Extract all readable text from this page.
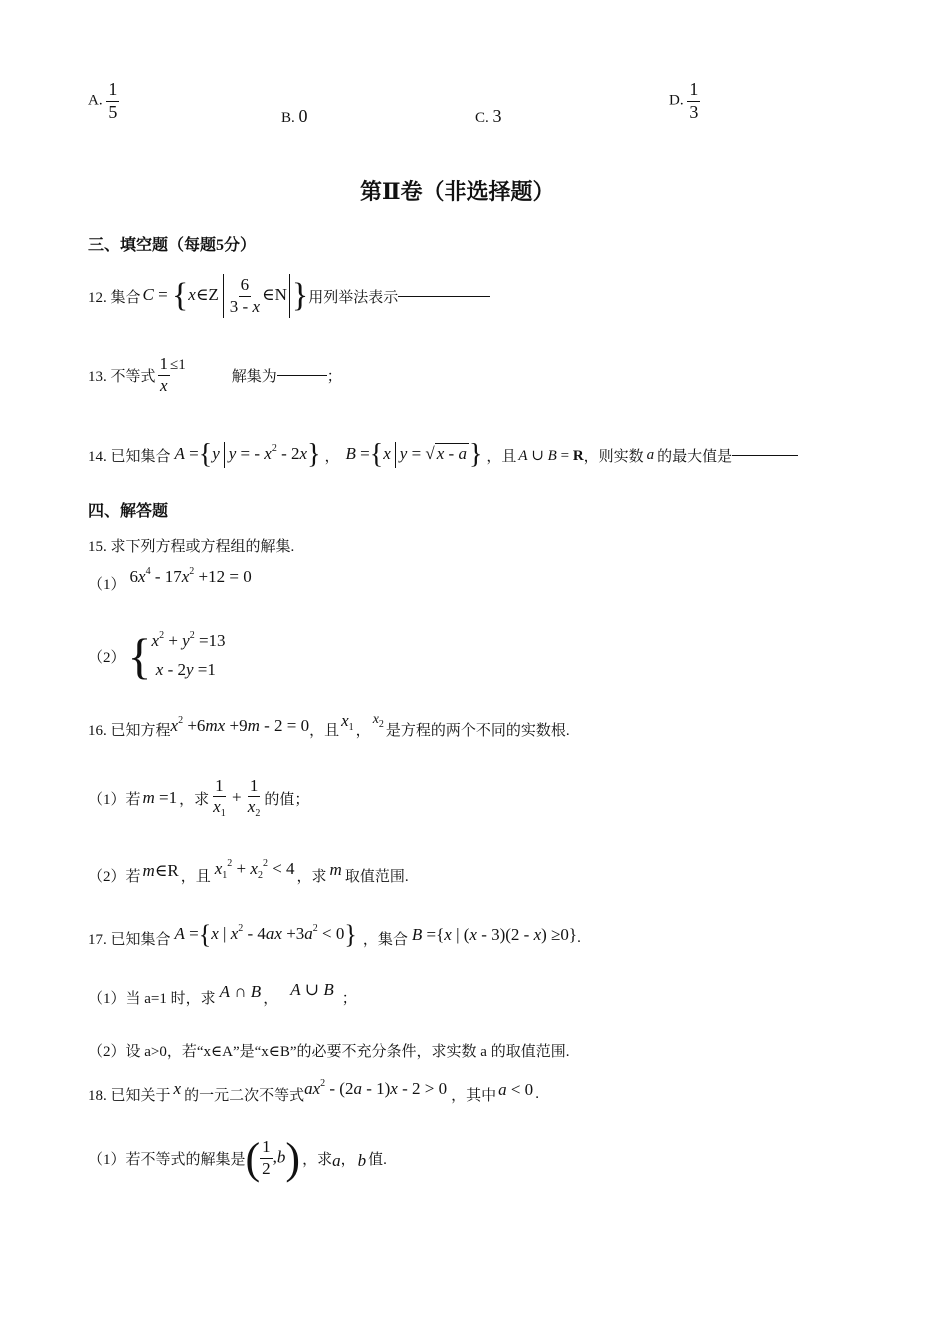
A. $\frac{1}{5}$	B. 0	C. 3
D. $\frac{1}{3}$
第Ⅱ卷（非选择题）
三、填空题（每题5分）
12. 集合 C = {x∈Z $\frac{6}{3 - x}$ ∈N } 用列举法表示
13. 不等式 $\frac{1}{x} \le 1$
解集为	；
14. 已知集合 A ={y y = - $x^2 - 2x$} ， B ={x y = √ x - a} ，且 A ∪ B = R ，则实数 a 的最大值是
四、解答题
15. 求下列方程或方程组的解集.
（1） $6x^4 - 17x^2 +12 = 0$
（2） { $x^2 + y^2 =13$
x - 2y =1
16. 已知方程 $x^2 +6mx +9m - 2 = 0$ ，且
$x_1$ ，
$x_2$ 是方程的两个不同的实数根.
（1）若 m =1 ，求 $\frac{1}{x_1} + \frac{1}{x_2}$ 的值；
（2）若 m∈R ，且 $x_1^2 + x_2^2 < 4$ ，求 m 取值范围.
17. 已知集合 A ={x | $x^2 - 4ax +3a^2 < 0$} ，集合 B ={x | (x - 3)(2 - x) ≥0} .
（1）当 a=1 时，求 A ∩ B ， A ∪ B ；
（2）设 a>0，若“x∈A”是“x∈B”的必要不充分条件，求实数 a 的取值范围.
18. 已知关于 x 的一元二次不等式 $ax^2 - (2a - 1)x - 2 > 0$ ，其中 a < 0 .
（1）若不等式的解集是 ( $\frac{1}{2} ,b$) ，求 a ， b 值.
